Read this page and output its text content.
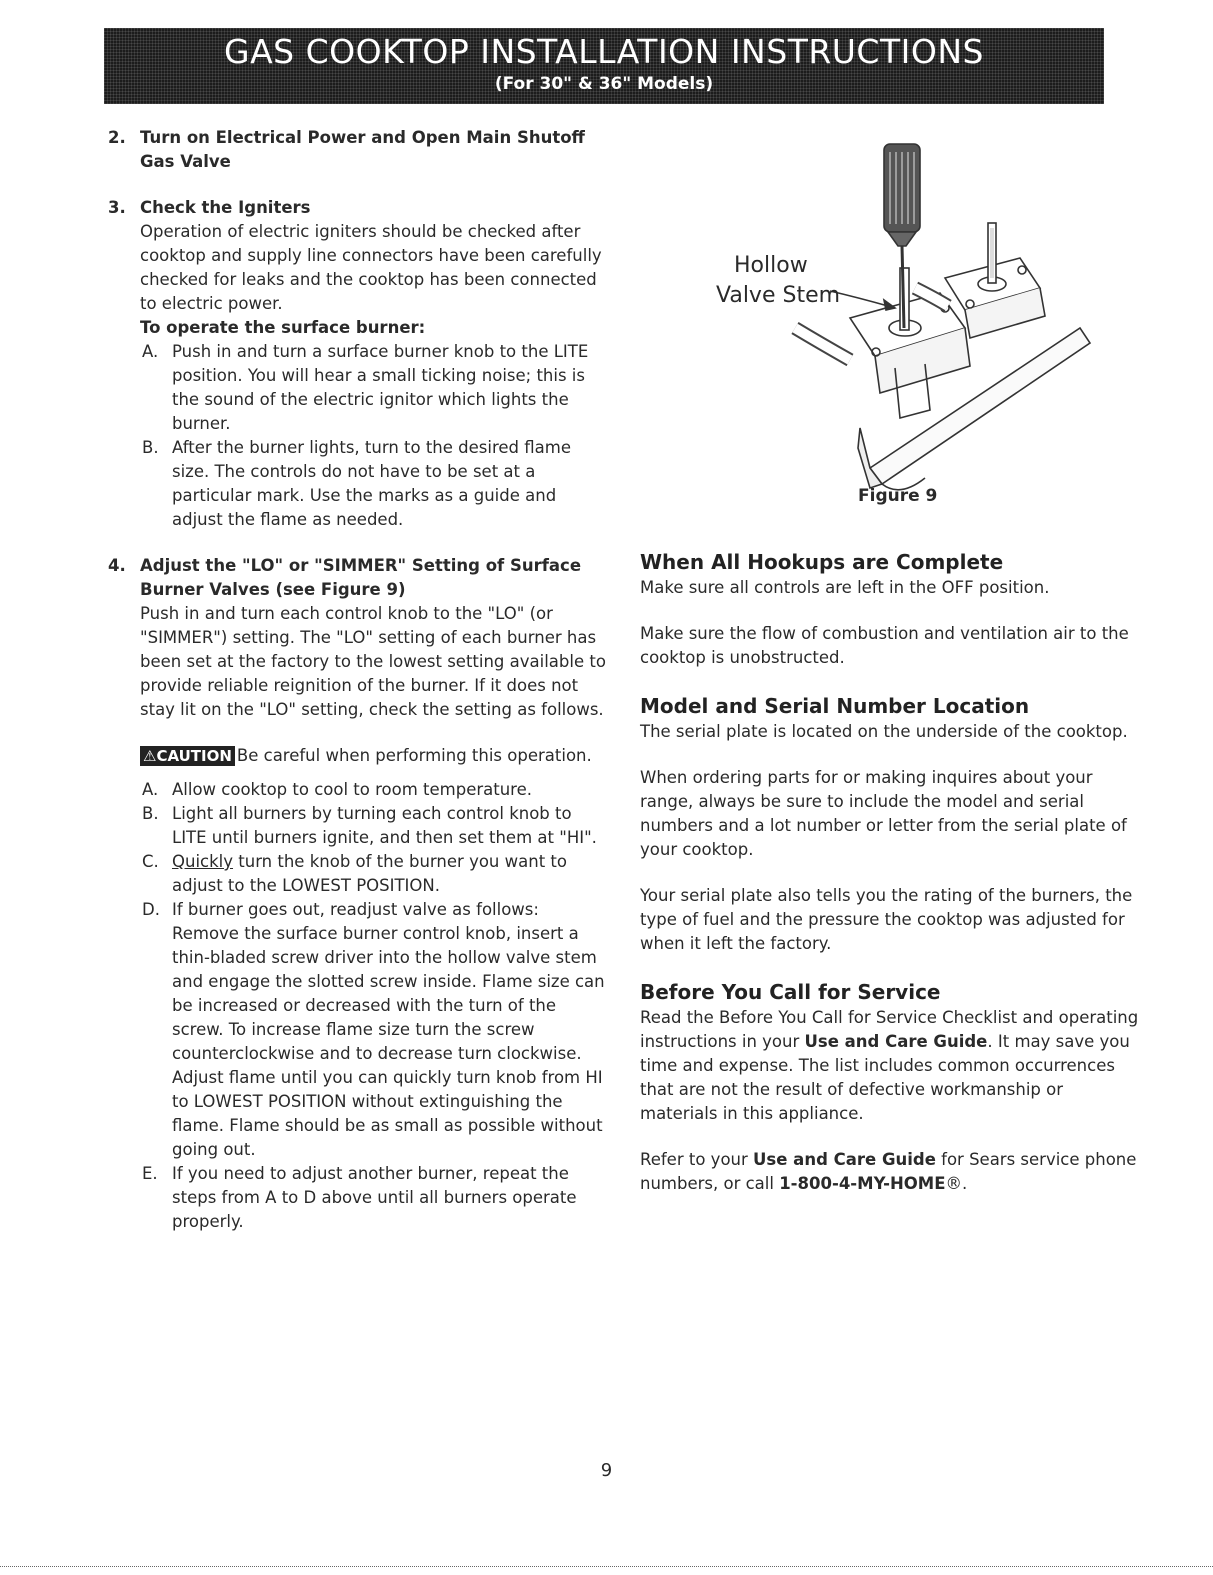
GAS COOKTOP INSTALLATION INSTRUCTIONS
(For 30" & 36" Models)
2. Turn on Electrical Power and Open Main Shutoff
Gas Valve
3. Check the Igniters

Operation of electric igniters should be checked after cooktop and supply line connectors have been carefully checked for leaks and the cooktop has been connected to electric power.

To operate the surface burner:
A. Push in and turn a surface burner knob to the LITE position. You will hear a small ticking noise; this is the sound of the electric ignitor which lights the burner.
B. After the burner lights, turn to the desired flame size. The controls do not have to be set at a particular mark. Use the marks as a guide and adjust the flame as needed.
4. Adjust the "LO" or "SIMMER" Setting of Surface Burner Valves (see Figure 9)

Push in and turn each control knob to the "LO" (or "SIMMER") setting. The "LO" setting of each burner has been set at the factory to the lowest setting available to provide reliable reignition of the burner. If it does not stay lit on the "LO" setting, check the setting as follows.

⚠CAUTION Be careful when performing this operation.

A. Allow cooktop to cool to room temperature.
B. Light all burners by turning each control knob to LITE until burners ignite, and then set them at "HI".
C. Quickly turn the knob of the burner you want to adjust to the LOWEST POSITION.
D. If burner goes out, readjust valve as follows: Remove the surface burner control knob, insert a thin-bladed screw driver into the hollow valve stem and engage the slotted screw inside. Flame size can be increased or decreased with the turn of the screw. To increase flame size turn the screw counterclockwise and to decrease turn clockwise. Adjust flame until you can quickly turn knob from HI to LOWEST POSITION without extinguishing the flame. Flame should be as small as possible without going out.
E. If you need to adjust another burner, repeat the steps from A to D above until all burners operate properly.
Hollow
Valve Stem
Figure 9
When All Hookups are Complete

Make sure all controls are left in the OFF position.

Make sure the flow of combustion and ventilation air to the cooktop is unobstructed.

Model and Serial Number Location

The serial plate is located on the underside of the cooktop.

When ordering parts for or making inquires about your range, always be sure to include the model and serial numbers and a lot number or letter from the serial plate of your cooktop.

Your serial plate also tells you the rating of the burners, the type of fuel and the pressure the cooktop was adjusted for when it left the factory.

Before You Call for Service

Read the Before You Call for Service Checklist and operating instructions in your Use and Care Guide. It may save you time and expense. The list includes common occurrences that are not the result of defective workmanship or materials in this appliance.

Refer to your Use and Care Guide for Sears service phone numbers, or call 1-800-4-MY-HOME®.

9
